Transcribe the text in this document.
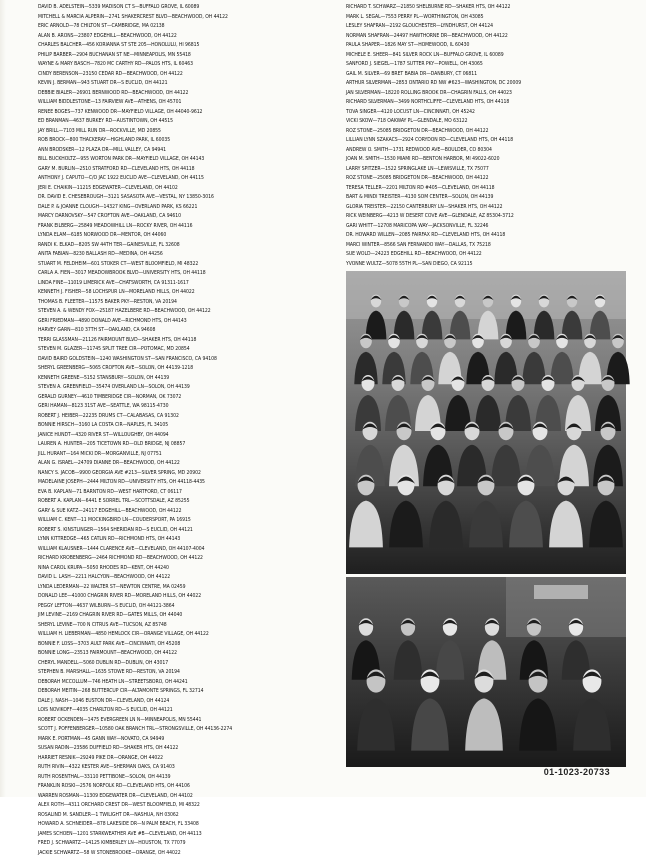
DAVID B. ADELSTEIN—5339 MADISON CT S—BUFFALO GROVE, IL 60089
MITCHELL & MARCIA ALPERIN—2741 SHAKERCREST BLVD—BEACHWOOD, OH 44122
ERIC ARNOLD—78 CHILTON ST—CAMBRIDGE, MA 02138
ALAN B. ARONS—23807 EDGEHILL—BEACHWOOD, OH 44122
CHARLES BALCHER—456 KORIANNA ST STE 205—HONOLULU, HI 96815
PHILIP BARBER—2904 BUCHANAN ST NE—MINNEAPOLIS, MN 55418
WAYNE & MARY BASCH—7820 MC CARTHY RD—PALOS HTS, IL 60463
CINDY BERENSON—23150 CEDAR RD—BEACHWOOD, OH 44122
KEVIN J. BERMAN—943 STUART DR—S EUCLID, OH 44121
DEBBIE BIALER—26901 BERNWOOD RD—BEACHWOOD, OH 44122
WILLIAM BIDDLESTONE—13 FAIRVIEW AVE—ATHENS, OH 45701
RENEE BOGES—737 KENWOOD DR—MAYFIELD VILLAGE, OH 44040-9612
ED BRANMAN—4637 BURKEY RD—AUSTINTOWN, OH 44515
JAY BRILL—7103 MILL RUN DR—ROCKVILLE, MD 20855
ROB BROCK—800 THACKERAY—HIGHLAND PARK, IL 60035
ANN BRODSKER—12 PLAZA DR—MILL VALLEY, CA 94941
BILL BUCKHOLTZ—955 WORTON PARK DR—MAYFIELD VILLAGE, OH 44143
GARY M. BURLIN—2510 STRATFORD RD—CLEVELAND HTS, OH 44118
ANTHONY J. CAPUTO—C/O JAC 1922 EUCLID AVE—CLEVELAND, OH 44115
JERI E. CHAIKIN—11215 EDGEWATER—CLEVELAND, OH 44102
DR. DAVID E. CHESEBROUGH—3121 SASASOTA AVE—VESTAL, NY 13850-3016
DALE P. & JOANNE CLOUGH—14327 KING—OVERLAND PARK, KS 66221
MARCY DARNOVSKY—547 CROFTON AVE—OAKLAND, CA 94610
FRANK EILBERG—25849 MEADOWHILL LN—ROCKY RIVER, OH 44116
LYNDA ELAM—6185 NORWOOD DR—MENTOR, OH 44060
RANDI K. ELKAD—8205 SW 44TH TER—GAINESVILLE, FL 32608
ANITA FABIAN—8230 BALLASH RD—MEDINA, OH 44256
STUART M. FELDHEIM—601 STOKER CT—WEST BLOOMFIELD, MI 48322
CARLA A. FIEN—3017 MEADOWBROOK BLVD—UNIVERSITY HTS, OH 44118
LINDA FINE—11019 LIMERICK AVE—CHATSWORTH, CA 91311-1617
KENNETH J. FISHER—58 LOCHSPUR LN—MORELAND HILLS, OH 44022
THOMAS B. FLEETER—11575 BAKER PKY—RESTON, VA 20194
STEVEN A. & WENDY FOX—25187 HAZELBERE RD—BEACHWOOD, OH 44122
GERI FRIEDMAN—4890 DONALD AVE—RICHMOND HTS, OH 44143
HARVEY GARN—810 37TH ST—OAKLAND, CA 94608
TERRI GLASSMAN—21126 FAIRMOUNT BLVD—SHAKER HTS, OH 44118
STEVEN M. GLAZER—11745 SPLIT TREE CIR—POTOMAC, MD 20854
DAVID BAIRD GOLDSTEIN—1240 WASHINGTON ST—SAN FRANCISCO, CA 94108
SHERYL GREENBERG—5065 CROFTON AVE—SOLON, OH 44139-1218
KENNETH GREENE—5152 STANSBURY—SOLON, OH 44139
STEVEN A. GREENFIELD—35474 OVERLAND LN—SOLON, OH 44139
GERALD GURNEY—4610 TIMBERIDGE CIR—NORMAN, OK 73072
GERI HAMAN—8123 31ST AVE—SEATTLE, WA 98115-4730
ROBERT J. HEIBER—22235 DRUMS CT—CALABASAS, CA 91302
BONNIE HIRSCH—3160 LA COSTA CIR—NAPLES, FL 34105
JANICE HUNDT—4320 RIVER ST—WILLOUGHBY, OH 44094
LAUREN A. HUNTER—205 TICETOWN RD—OLD BRIDGE, NJ 08857
JILL HURANT—164 MICKI DR—MORGANVILLE, NJ 07751
ALAN G. ISRAEL—24709 DIANNE DR—BEACHWOOD, OH 44122
NANCY S. JACOB—9900 GEORGIA AVE #213—SILVER SPRING, MD 20902
MADELAINE JOSEPH—2444 MILTON RD—UNIVERSITY HTS, OH 44118-4435
EVA B. KAPLAN—71 BARNTON RD—WEST HARTFORD, CT 06117
ROBERT A. KAPLAN—6441 E SORREL TRL—SCOTTSDALE, AZ 85255
GARY & SUE KATZ—24117 EDGEHILL—BEACHWOOD, OH 44122
WILLIAM C. KENT—11 MOCKINGBIRD LN—COUDERSPORT, PA 16915
ROBERT S. KINSTLINGER—1564 SHERIDAN RD—S EUCLID, OH 44121
LYNN KITTREDGE—465 CATLIN RD—RICHMOND HTS, OH 44143
WILLIAM KLAUSNER—1444 CLARENCE AVE—CLEVELAND, OH 44107-4004
RICHARD KROBENBERG—2464 RICHMOND RD—BEACHWOOD, OH 44122
NINA CAROL KRUPA—5050 RHODES RD—KENT, OH 44240
DAVID L. LASH—2211 HALCYON—BEACHWOOD, OH 44122
LYNDA LEDERMAN—22 WALTER ST—NEWTON CENTRE, MA 02459
DONALD LEE—41000 CHAGRIN RIVER RD—MORELAND HILLS, OH 44022
PEGGY LEFTON—4637 WILBURN—S EUCLID, OH 44121-3864
JIM LEVINE—2169 CHAGRIN RIVER RD—GATES MILLS, OH 44040
SHERYL LEVINE—700 N CITRUS AVE—TUCSON, AZ 85748
WILLIAM H. LIEBERMAN—4850 HEMLOCK CIR—ORANGE VILLAGE, OH 44122
BONNIE F. LOSS—3703 AULT PARK AVE—CINCINNATI, OH 45208
BONNIE LONG—23513 FAIRMOUNT—BEACHWOOD, OH 44122
CHERYL MANDELL—5060 DUBLIN RD—DUBLIN, OH 43017
STEPHEN B. MARSHALL—1635 STOWE RD—RESTON, VA 20194
DEBORAH MCCOLLUM—746 HEATH LN—STREETSBORO, OH 44241
DEBORAH MEITIN—268 BUTTERCUP CIR—ALTAMONTE SPRINGS, FL 32714
DALE J. NASH—1046 EUSTON DR—CLEVELAND, OH 44124
LOIS NOVIKOFF—4035 CHARLTON RD—S EUCLID, OH 44121
ROBERT OCKENDEN—1475 EVERGREEN LN N—MINNEAPOLIS, MN 55441
SCOTT J. POFFENBERGER—10580 OAK BRANCH TRL—STRONGSVILLE, OH 44136-2274
MARK E. PORTMAN—45 GANN WAY—NOVATO, CA 94949
SUSAN RADIN—23586 DUFFIELD RD—SHAKER HTS, OH 44122
HARRIET RESNIK—29249 PIKE DR—ORANGE, OH 44022
RUTH RIVIN—4322 KESTER AVE—SHERMAN OAKS, CA 91403
RUTH ROSENTHAL—33110 PETTIBONE—SOLON, OH 44139
FRANKLIN ROSKI—2576 NORFOLK RD—CLEVELAND HTS, OH 44106
WARREN ROSMAN—11309 EDGEWATER DR—CLEVELAND, OH 44102
ALEX ROTH—4311 ORCHARD CREST DR—WEST BLOOMFIELD, MI 48322
ROSALIND M. SANDLER—1 TWILIGHT DR—NASHUA, NH 03062
HOWARD A. SCHNEIDER—878 LAKESIDE DR—N PALM BEACH, FL 33408
JAMES SCHOEN—1201 STARKWEATHER AVE #B—CLEVELAND, OH 44113
FRED J. SCHWARTZ—14125 KIMBERLEY LN—HOUSTON, TX 77079
JACKIE SCHWARTZ—58 W STONEBROOKE—ORANGE, OH 44022
RICHARD T. SCHWARZ—21850 SHELBURNE RD—SHAKER HTS, OH 44122
MARK L. SEGAL—7553 PERRY PL—WORTHINGTON, OH 43085
LESLEY SHAFRAN—2192 GLOUCHESTER—LYNDHURST, OH 44124
NORMAN SHAFRAN—24497 HAWTHORNE DR—BEACHWOOD, OH 44122
PAULA SHAPER—1826 MAY ST—HOMEWOOD, IL 60430
MICHELE E. SHEER—841 SILVER ROCK LN—BUFFALO GROVE, IL 60089
SANFORD J. SIEGEL—1787 SUTTER PKY—POWELL, OH 43065
GAIL M. SILVER—69 BRET BABIA DR—DANBURY, CT 06811
ARTHUR SILVERMAN—2853 ONTARIO RD NW #623—WASHINGTON, DC 20009
JAN SILVERMAN—18220 ROLLING BROOK DR—CHAGRIN FALLS, OH 44023
RICHARD SILVERMAN—3499 NORTHCLIFFE—CLEVELAND HTS, OH 44118
TOVA SINGER—4120 LOCUST LN—CINCINNATI, OH 45242
VICKI SKOW—718 OAKWAY PL—GLENDALE, MO 63122
ROZ STONE—25085 BRIDGETON DR—BEACHWOOD, OH 44122
LILLIAN LYNN SZAKACS—2924 CORYDON RD—CLEVELAND HTS, OH 44118
ANDREW O. SMITH—1731 REDWOOD AVE—BOULDER, CO 80304
JOAN M. SMITH—1530 MIAMI RD—BENTON HARBOR, MI 49022-6020
LARRY SPITZER—1522 SPRINGLAKE LN—LEWISVILLE, TX 75077
ROZ STONE—25085 BRIDGETON DR—BEACHWOOD, OH 44122
TERESA TELLER—2201 MILTON RD #405—CLEVELAND, OH 44118
BART & MINDI TREISTER—4130 SOM CENTER—SOLON, OH 44139
GLORIA TREISTER—22150 CANTERBURY LN—SHAKER HTS, OH 44122
RICK WEINBERG—4213 W DESERT COVE AVE—GLENDALE, AZ 85304-3712
GARI WHITT—12708 MARICOPA WAY—JACKSONVILLE, FL 32246
DR. HOWARD WILLEN—2085 FAIRFAX RD—CLEVELAND HTS, OH 44118
MARCI WINTER—8566 SAN FERNANDO WAY—DALLAS, TX 75218
SUE WOLD—24223 EDGEHILL RD—BEACHWOOD, OH 44122
YVONNE WULTZ—5078 55TH PL—SAN DIEGO, CA 92115
01-1023-20733
